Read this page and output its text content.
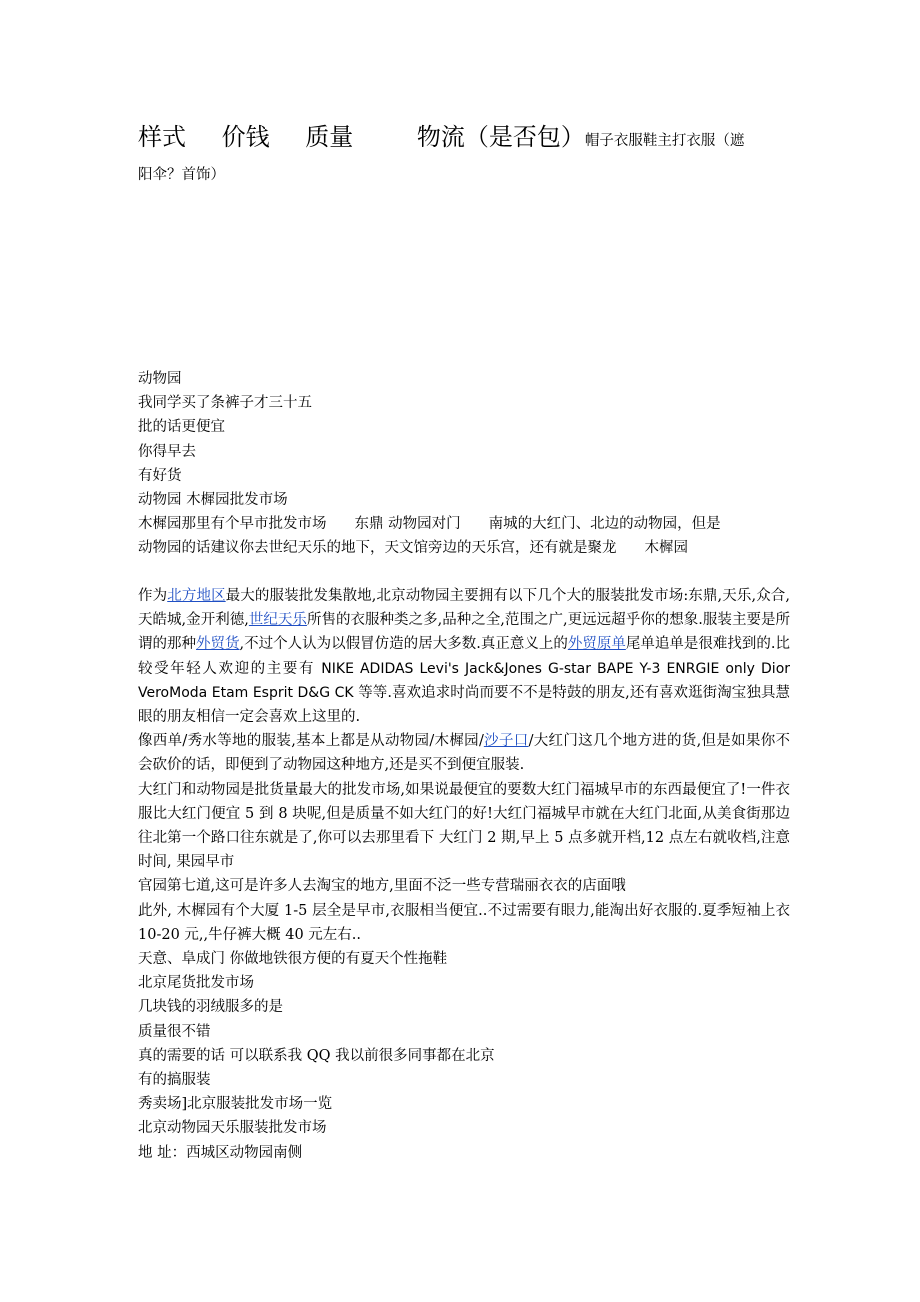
样式 价钱 质量	物流（是否包）帽子衣服鞋主打衣服（遮
阳伞？首饰）
动物园
我同学买了条裤子才三十五
批的话更便宜
你得早去
有好货
动物园 木樨园批发市场
木樨园那里有个早市批发市场 东鼎 动物园对门 南城的大红门、北边的动物园，但是
动物园的话建议你去世纪天乐的地下，天文馆旁边的天乐宫，还有就是聚龙 木樨园
作为北方地区最大的服装批发集散地,北京动物园主要拥有以下几个大的服装批发市场:东鼎,天乐,众合,天皓城,金开利德,世纪天乐所售的衣服种类之多,品种之全,范围之广,更远远超乎你的想象.服装主要是所谓的那种外贸货,不过个人认为以假冒仿造的居大多数.真正意义上的外贸原单尾单追单是很难找到的.比较受年轻人欢迎的主要有 NIKE ADIDAS Levi's Jack&Jones G-star BAPE Y-3 ENRGIE only Dior VeroModa Etam Esprit D&G CK 等等.喜欢追求时尚而要不不是特鼓的朋友,还有喜欢逛街淘宝独具慧眼的朋友相信一定会喜欢上这里的.
像西单/秀水等地的服装,基本上都是从动物园/木樨园/沙子口/大红门这几个地方进的货,但是如果你不会砍价的话，即便到了动物园这种地方,还是买不到便宜服装.
大红门和动物园是批货量最大的批发市场,如果说最便宜的要数大红门福城早市的东西最便宜了!一件衣服比大红门便宜 5 到 8 块呢,但是质量不如大红门的好!大红门福城早市就在大红门北面,从美食街那边往北第一个路口往东就是了,你可以去那里看下 大红门 2 期,早上 5 点多就开档,12 点左右就收档,注意时间, 果园早市
官园第七道,这可是许多人去淘宝的地方,里面不泛一些专营瑞丽衣衣的店面哦
此外, 木樨园有个大厦 1-5 层全是早市,衣服相当便宜..不过需要有眼力,能淘出好衣服的.夏季短袖上衣 10-20 元,,牛仔裤大概 40 元左右..
天意、阜成门 你做地铁很方便的有夏天个性拖鞋
北京尾货批发市场
几块钱的羽绒服多的是
质量很不错
真的需要的话 可以联系我 QQ 我以前很多同事都在北京
有的搞服装
秀卖场]北京服装批发市场一览
北京动物园天乐服装批发市场
地 址：西城区动物园南侧
